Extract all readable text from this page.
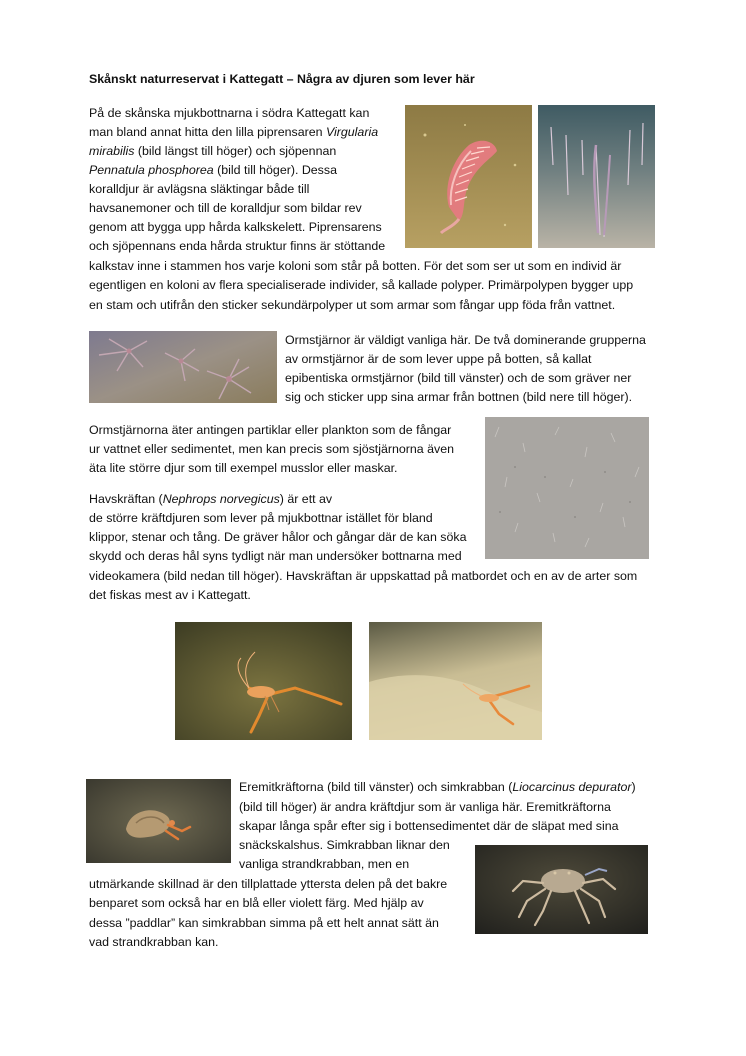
Skånskt naturreservat i Kattegatt – Några av djuren som lever här
På de skånska mjukbottnarna i södra Kattegatt kan
man bland annat hitta den lilla piprensaren Virgularia
mirabilis (bild längst till höger) och sjöpennan
Pennatula phosphorea (bild till höger). Dessa
koralldjur är avlägsna släktingar både till
havsanemoner och till de koralldjur som bildar rev
genom att bygga upp hårda kalkskelett. Piprensarens
och sjöpennans enda hårda struktur finns är stöttande
kalkstav inne i stammen hos varje koloni som står på botten. För det som ser ut som en individ är
egentligen en koloni av flera specialiserade individer, så kallade polyper. Primärpolypen bygger upp
en stam och utifrån den sticker sekundärpolyper ut som armar som fångar upp föda från vattnet.
Ormstjärnor är väldigt vanliga här. De två dominerande grupperna
av ormstjärnor är de som lever uppe på botten, så kallat
epibentiska ormstjärnor (bild till vänster) och de som gräver ner
sig och sticker upp sina armar från bottnen (bild nere till höger).
Ormstjärnorna äter antingen partiklar eller plankton som de fångar
ur vattnet eller sedimentet, men kan precis som sjöstjärnorna även
äta lite större djur som till exempel musslor eller maskar.
Havskräftan (Nephrops norvegicus) är ett av
de större kräftdjuren som lever på mjukbottnar istället för bland
klippor, stenar och tång. De gräver hålor och gångar där de kan söka
skydd och deras hål syns tydligt när man undersöker bottnarna med
videokamera (bild nedan till höger). Havskräftan är uppskattad på matbordet och en av de arter som
det fiskas mest av i Kattegatt.
Eremitkräftorna (bild till vänster) och simkrabban (Liocarcinus depurator)
(bild till höger) är andra kräftdjur som är vanliga här. Eremitkräftorna
skapar långa spår efter sig i bottensedimentet där de släpat med sina
snäckskalshus. Simkrabban liknar den
vanliga strandkrabban, men en
utmärkande skillnad är den tillplattade yttersta delen på det bakre
benparet som också har en blå eller violett färg. Med hjälp av
dessa ”paddlar” kan simkrabban simma på ett helt annat sätt än
vad strandkrabban kan.
